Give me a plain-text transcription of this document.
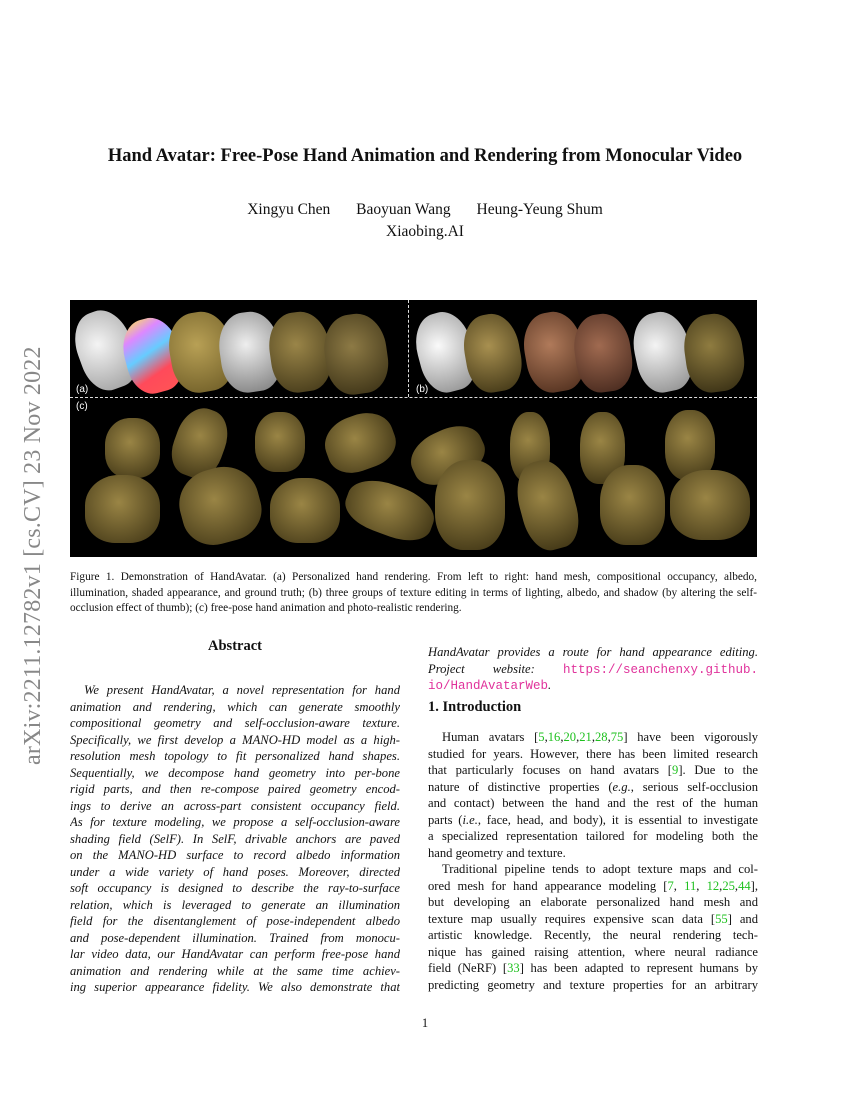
arXiv:2211.12782v1 [cs.CV] 23 Nov 2022
Hand Avatar: Free-Pose Hand Animation and Rendering from Monocular Video
Xingyu Chen Baoyuan Wang Heung-Yeung Shum
Xiaobing.AI
(a)	(b)
(c)
Figure 1. Demonstration of HandAvatar. (a) Personalized hand rendering. From left to right: hand mesh, compositional occupancy, albedo, illumination, shaded appearance, and ground truth; (b) three groups of texture editing in terms of lighting, albedo, and shadow (by altering the self-occlusion effect of thumb); (c) free-pose hand animation and photo-realistic rendering.
Abstract
We present HandAvatar, a novel representation for hand
animation and rendering, which can generate smoothly
compositional geometry and self-occlusion-aware texture.
Specifically, we first develop a MANO-HD model as a high-
resolution mesh topology to fit personalized hand shapes.
Sequentially, we decompose hand geometry into per-bone
rigid parts, and then re-compose paired geometry encod-
ings to derive an across-part consistent occupancy field.
As for texture modeling, we propose a self-occlusion-aware
shading field (SelF). In SelF, drivable anchors are paved
on the MANO-HD surface to record albedo information
under a wide variety of hand poses. Moreover, directed
soft occupancy is designed to describe the ray-to-surface
relation, which is leveraged to generate an illumination
field for the disentanglement of pose-independent albedo
and pose-dependent illumination. Trained from monocu-
lar video data, our HandAvatar can perform free-pose hand
animation and rendering while at the same time achiev-
ing superior appearance fidelity. We also demonstrate that
HandAvatar provides a route for hand appearance editing.
Project website: https://seanchenxy.github.
io/HandAvatarWeb.
1. Introduction
Human avatars [5,16,20,21,28,75] have been vigorously
studied for years. However, there has been limited research
that particularly focuses on hand avatars [9]. Due to the
nature of distinctive properties (e.g., serious self-occlusion
and contact) between the hand and the rest of the human
parts (i.e., face, head, and body), it is essential to investigate
a specialized representation tailored for modeling both the
hand geometry and texture.
Traditional pipeline tends to adopt texture maps and col-
ored mesh for hand appearance modeling [7, 11, 12,25,44],
but developing an elaborate personalized hand mesh and
texture map usually requires expensive scan data [55] and
artistic knowledge. Recently, the neural rendering tech-
nique has gained raising attention, where neural radiance
field (NeRF) [33] has been adapted to represent humans by
predicting geometry and texture properties for an arbitrary
1
